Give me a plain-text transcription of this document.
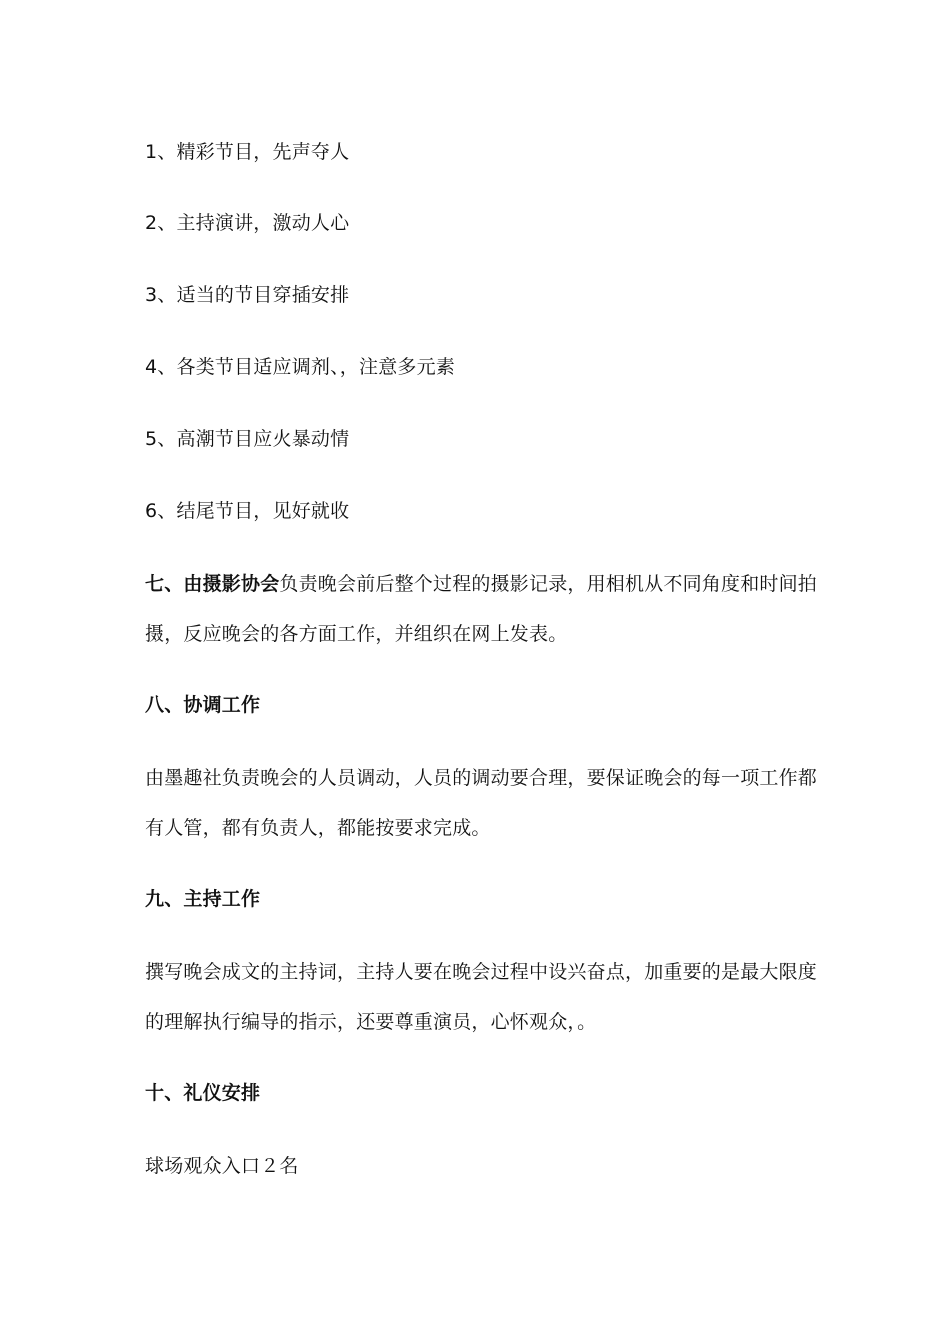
1、精彩节目，先声夺人
2、主持演讲，激动人心
3、适当的节目穿插安排
4、各类节目适应调剂、，注意多元素
5、高潮节目应火暴动情
6、结尾节目，见好就收
七、由摄影协会负责晚会前后整个过程的摄影记录，用相机从不同角度和时间拍
摄，反应晚会的各方面工作，并组织在网上发表。
八、协调工作
由墨趣社负责晚会的人员调动，人员的调动要合理，要保证晚会的每一项工作都
有人管，都有负责人，都能按要求完成。
九、主持工作
撰写晚会成文的主持词，主持人要在晚会过程中设兴奋点，加重要的是最大限度
的理解执行编导的指示，还要尊重演员，心怀观众，。
十、礼仪安排
球场观众入口２名
